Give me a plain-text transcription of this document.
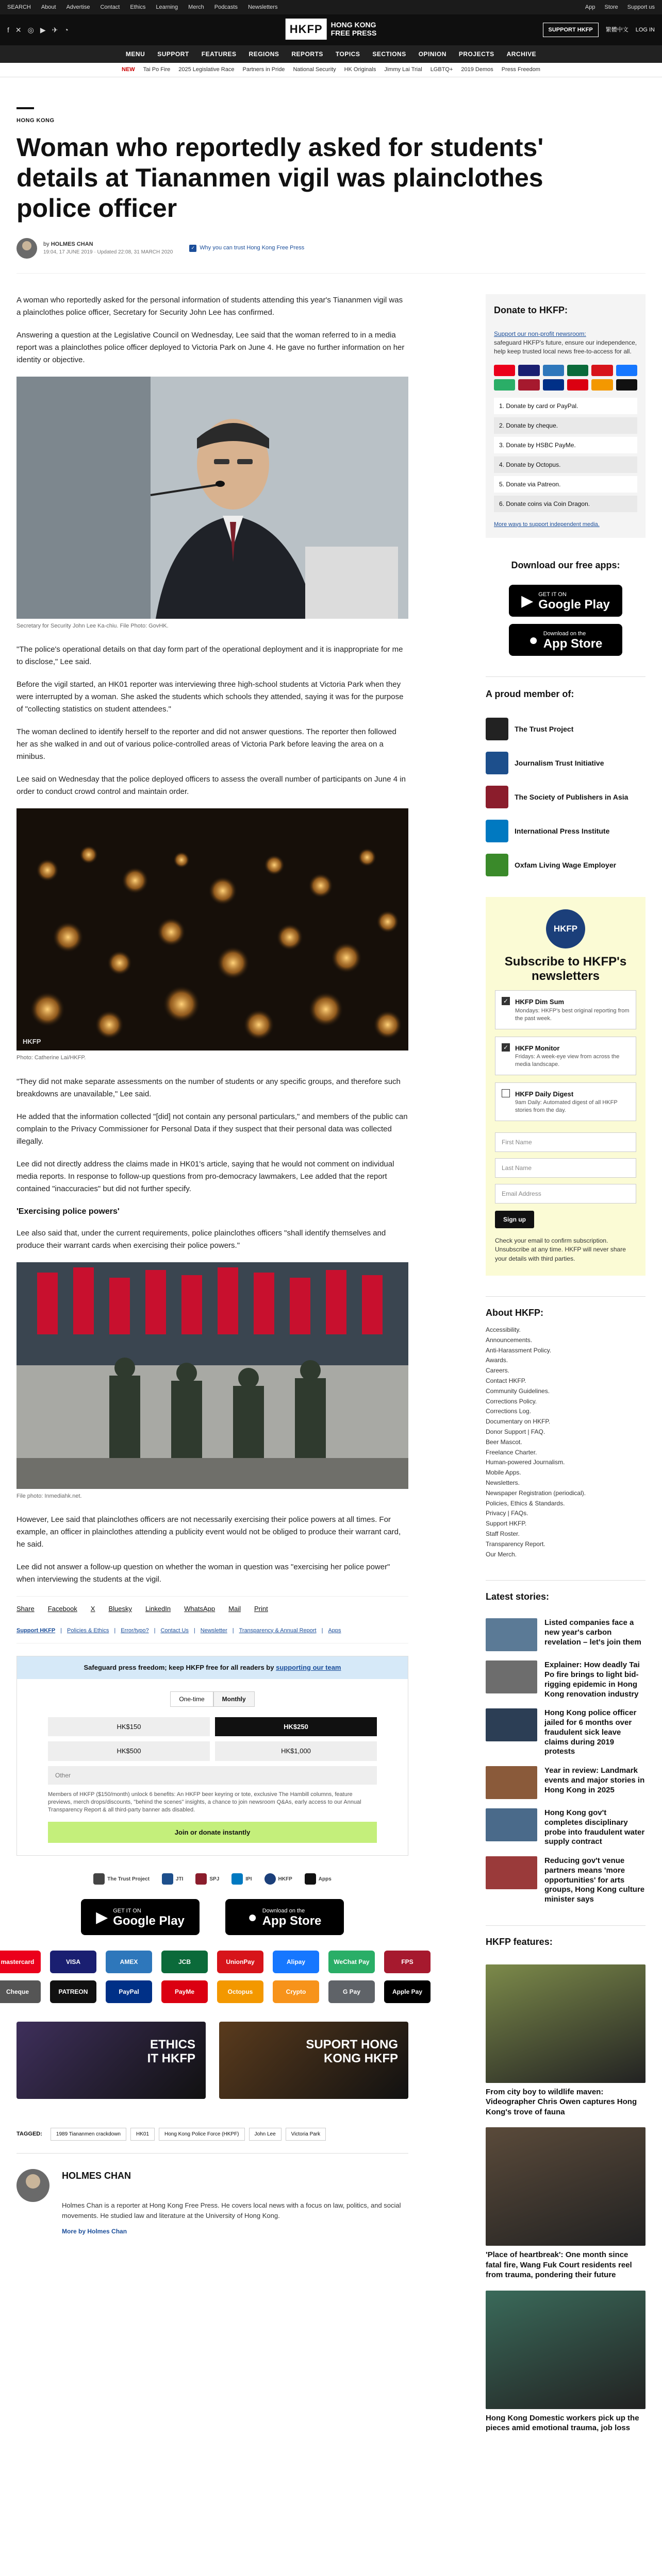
SEARCH About Advertise Contact Ethics Learning Merch Podcasts Newsletters	App Store Support us
f ✕ ◎ ▶ ✈ ◔	HKFP	HONG KONG
FREE PRESS	SUPPORT HKFP	繁體中文 LOG IN
MENU SUPPORT FEATURES REGIONS REPORTS TOPICS SECTIONS OPINION PROJECTS ARCHIVE
NEW Tai Po Fire 2025 Legislative Race Partners in Pride National Security HK Originals Jimmy Lai Trial LGBTQ+ 2019 Demos Press Freedom
HONG KONG
Woman who reportedly asked for students' details at Tiananmen vigil was plainclothes police officer
by HOLMES CHAN
19:04, 17 JUNE 2019 · Updated 22:08, 31 MARCH 2020
✓ Why you can trust Hong Kong Free Press

A woman who reportedly asked for the personal information of students attending this year's Tiananmen vigil was a plainclothes police officer, Secretary for Security John Lee has confirmed.

Answering a question at the Legislative Council on Wednesday, Lee said that the woman referred to in a media report was a plainclothes police officer deployed to Victoria Park on June 4. He gave no further information on her identity or objective.

Secretary for Security John Lee Ka-chiu. File Photo: GovHK.

"The police's operational details on that day form part of the operational deployment and it is inappropriate for me to disclose," Lee said.

Before the vigil started, an HK01 reporter was interviewing three high-school students at Victoria Park when they were interrupted by a woman. She asked the students which schools they attended, saying it was for the purpose of "collecting statistics on student attendees."

The woman declined to identify herself to the reporter and did not answer questions. The reporter then followed her as she walked in and out of various police-controlled areas of Victoria Park before leaving the area on a minibus.

Lee said on Wednesday that the police deployed officers to assess the overall number of participants on June 4 in order to conduct crowd control and maintain order.

HKFP
Photo: Catherine Lai/HKFP.

"They did not make separate assessments on the number of students or any specific groups, and therefore such breakdowns are unavailable," Lee said.

He added that the information collected "[did] not contain any personal particulars," and members of the public can complain to the Privacy Commissioner for Personal Data if they suspect that their personal data was collected illegally.

Lee did not directly address the claims made in HK01's article, saying that he would not comment on individual media reports. In response to follow-up questions from pro-democracy lawmakers, Lee added that the report contained "inaccuracies" but did not further specify.

'Exercising police powers'

Lee also said that, under the current requirements, police plainclothes officers "shall identify themselves and produce their warrant cards when exercising their police powers."

File photo: Inmediahk.net.

However, Lee said that plainclothes officers are not necessarily exercising their police powers at all times. For example, an officer in plainclothes attending a publicity event would not be obliged to produce their warrant card, he said.

Lee did not answer a follow-up question on whether the woman in question was "exercising her police power" when interviewing the students at the vigil.

Share Facebook X Bluesky LinkedIn WhatsApp Mail Print
Support HKFP | Policies & Ethics | Error/typo? | Contact Us | Newsletter | Transparency & Annual Report | Apps
Safeguard press freedom; keep HKFP free for all readers by supporting our team
One-time	Monthly
HK$150	HK$250
HK$500	HK$1,000
Other
Members of HKFP ($150/month) unlock 6 benefits: An HKFP beer keyring or tote, exclusive The Hambill columns, feature previews, merch drops/discounts, "behind the scenes" insights, a chance to join newsroom Q&As, early access to our Annual Transparency Report & all third-party banner ads disabled.
Join or donate instantly
The Trust Project	JTI	SPJ	IPI	HKFP	Apps
▶ GET IT ON
Google Play	● Download on the
App Store
mastercard	VISA	AMEX	JCB	UnionPay	Alipay	WeChat Pay	FPS
Cheque	PATREON	PayPal	PayMe	Octopus	Crypto	G Pay	Apple Pay
ETHICS
IT HKFP
SUPORT HONG
KONG HKFP
TAGGED:	1989 Tiananmen crackdown	HK01	Hong Kong Police Force (HKPF)	John Lee	Victoria Park
HOLMES CHAN
Holmes Chan is a reporter at Hong Kong Free Press. He covers local news with a focus on law, politics, and social movements. He studied law and literature at the University of Hong Kong.
More by Holmes Chan
Donate to HKFP:
Support our non-profit newsroom:
safeguard HKFP's future, ensure our independence, help keep trusted local news free-to-access for all.
1. Donate by card or PayPal.
2. Donate by cheque.
3. Donate by HSBC PayMe.
4. Donate by Octopus.
5. Donate via Patreon.
6. Donate coins via Coin Dragon.
More ways to support independent media.
Download our free apps:
▶ GET IT ON
Google Play
● Download on the
App Store
A proud member of:
The Trust Project
Journalism Trust Initiative
The Society of Publishers in Asia
International Press Institute
Oxfam Living Wage Employer
HKFP
Subscribe to HKFP's newsletters
✓ HKFP Dim Sum
Mondays: HKFP's best original reporting from the past week.
✓ HKFP Monitor
Fridays: A week-eye view from across the media landscape.
HKFP Daily Digest
9am Daily: Automated digest of all HKFP stories from the day.
First Name
Last Name
Email Address
Sign up
Check your email to confirm subscription. Unsubscribe at any time. HKFP will never share your details with third parties.
About HKFP:
Accessibility.
Announcements.
Anti-Harassment Policy.
Awards.
Careers.
Contact HKFP.
Community Guidelines.
Corrections Policy.
Corrections Log.
Documentary on HKFP.
Donor Support | FAQ.
Beer Mascot.
Freelance Charter.
Human-powered Journalism.
Mobile Apps.
Newsletters.
Newspaper Registration (periodical).
Policies, Ethics & Standards.
Privacy | FAQs.
Support HKFP.
Staff Roster.
Transparency Report.
Our Merch.
Latest stories:
Listed companies face a new year's carbon revelation – let's join them
Explainer: How deadly Tai Po fire brings to light bid-rigging epidemic in Hong Kong renovation industry
Hong Kong police officer jailed for 6 months over fraudulent sick leave claims during 2019 protests
Year in review: Landmark events and major stories in Hong Kong in 2025
Hong Kong gov't completes disciplinary probe into fraudulent water supply contract
Reducing gov't venue partners means 'more opportunities' for arts groups, Hong Kong culture minister says
HKFP features:
From city boy to wildlife maven: Videographer Chris Owen captures Hong Kong's trove of fauna
'Place of heartbreak': One month since fatal fire, Wang Fuk Court residents reel from trauma, pondering their future
Hong Kong Domestic workers pick up the pieces amid emotional trauma, job loss
